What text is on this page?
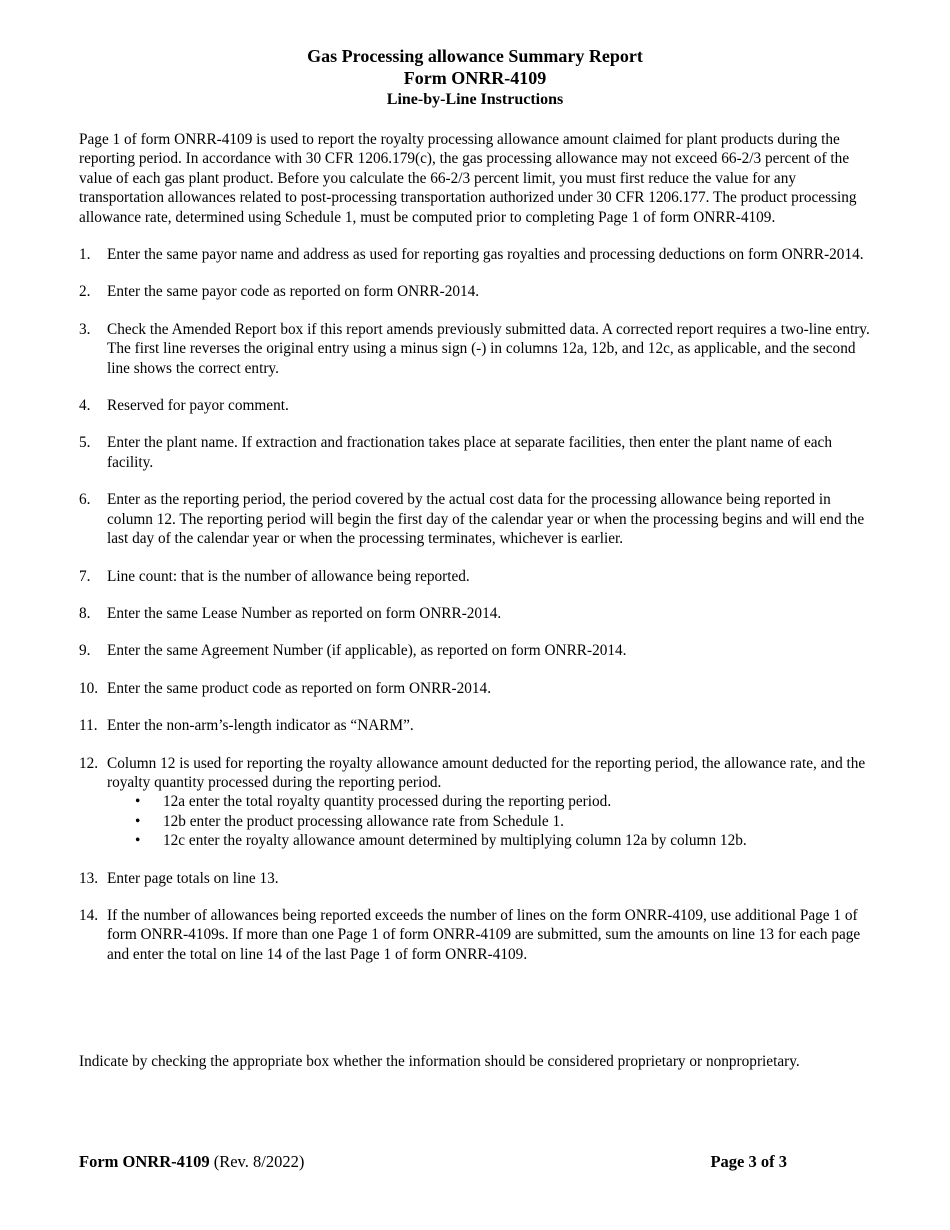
Gas Processing allowance Summary Report
Form ONRR-4109
Line-by-Line Instructions

Page 1 of form ONRR-4109 is used to report the royalty processing allowance amount claimed for plant products during the reporting period. In accordance with 30 CFR 1206.179(c), the gas processing allowance may not exceed 66-2/3 percent of the value of each gas plant product. Before you calculate the 66-2/3 percent limit, you must first reduce the value for any transportation allowances related to post-processing transportation authorized under 30 CFR 1206.177. The product processing allowance rate, determined using Schedule 1, must be computed prior to completing Page 1 of form ONRR-4109.

1. Enter the same payor name and address as used for reporting gas royalties and processing deductions on form ONRR-2014.
2. Enter the same payor code as reported on form ONRR-2014.
3. Check the Amended Report box if this report amends previously submitted data. A corrected report requires a two-line entry. The first line reverses the original entry using a minus sign (-) in columns 12a, 12b, and 12c, as applicable, and the second line shows the correct entry.
4. Reserved for payor comment.
5. Enter the plant name. If extraction and fractionation takes place at separate facilities, then enter the plant name of each facility.
6. Enter as the reporting period, the period covered by the actual cost data for the processing allowance being reported in column 12. The reporting period will begin the first day of the calendar year or when the processing begins and will end the last day of the calendar year or when the processing terminates, whichever is earlier.
7. Line count: that is the number of allowance being reported.
8. Enter the same Lease Number as reported on form ONRR-2014.
9. Enter the same Agreement Number (if applicable), as reported on form ONRR-2014.
10. Enter the same product code as reported on form ONRR-2014.
11. Enter the non-arm’s-length indicator as “NARM”.
12. Column 12 is used for reporting the royalty allowance amount deducted for the reporting period, the allowance rate, and the royalty quantity processed during the reporting period.
• 12a enter the total royalty quantity processed during the reporting period.
• 12b enter the product processing allowance rate from Schedule 1.
• 12c enter the royalty allowance amount determined by multiplying column 12a by column 12b.
13. Enter page totals on line 13.
14. If the number of allowances being reported exceeds the number of lines on the form ONRR-4109, use additional Page 1 of form ONRR-4109s. If more than one Page 1 of form ONRR-4109 are submitted, sum the amounts on line 13 for each page and enter the total on line 14 of the last Page 1 of form ONRR-4109.

Indicate by checking the appropriate box whether the information should be considered proprietary or nonproprietary.

Form ONRR-4109 (Rev. 8/2022)	Page 3 of 3
